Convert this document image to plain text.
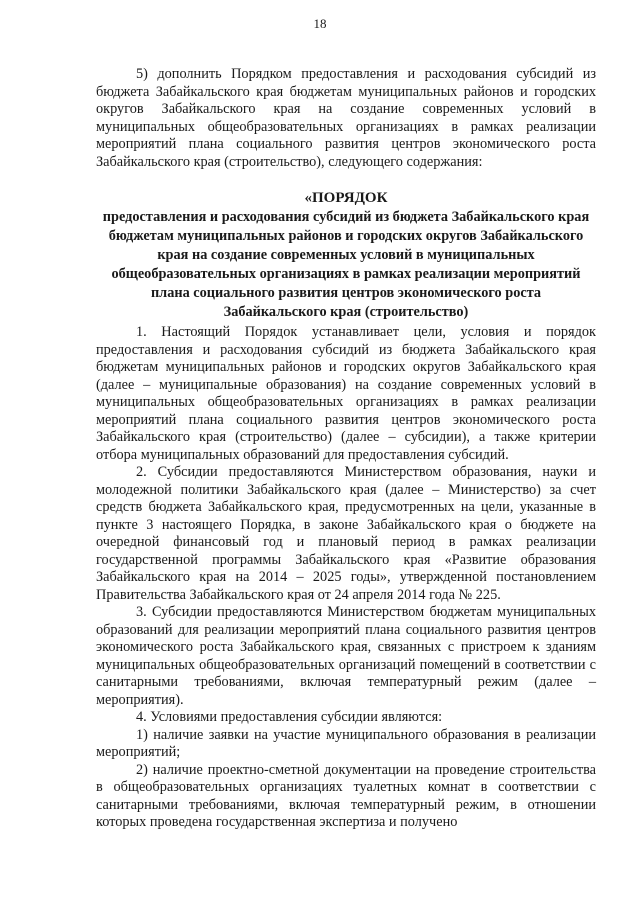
18
5) дополнить Порядком предоставления и расходования субсидий из бюджета Забайкальского края бюджетам муниципальных районов и городских округов Забайкальского края на создание современных условий в муниципальных общеобразовательных организациях в рамках реализации мероприятий плана социального развития центров экономического роста Забайкальского края (строительство), следующего содержания:
«ПОРЯДОК
предоставления и расходования субсидий из бюджета Забайкальского края бюджетам муниципальных районов и городских округов Забайкальского края на создание современных условий в муниципальных общеобразовательных организациях в рамках реализации мероприятий плана социального развития центров экономического роста Забайкальского края (строительство)

1. Настоящий Порядок устанавливает цели, условия и порядок предоставления и расходования субсидий из бюджета Забайкальского края бюджетам муниципальных районов и городских округов Забайкальского края (далее – муниципальные образования) на создание современных условий в муниципальных общеобразовательных организациях в рамках реализации мероприятий плана социального развития центров экономического роста Забайкальского края (строительство) (далее – субсидии), а также критерии отбора муниципальных образований для предоставления субсидий.

2. Субсидии предоставляются Министерством образования, науки и молодежной политики Забайкальского края (далее – Министерство) за счет средств бюджета Забайкальского края, предусмотренных на цели, указанные в пункте 3 настоящего Порядка, в законе Забайкальского края о бюджете на очередной финансовый год и плановый период в рамках реализации государственной программы Забайкальского края «Развитие образования Забайкальского края на 2014 – 2025 годы», утвержденной постановлением Правительства Забайкальского края от 24 апреля 2014 года № 225.

3. Субсидии предоставляются Министерством бюджетам муниципальных образований для реализации мероприятий плана социального развития центров экономического роста Забайкальского края, связанных с пристроем к зданиям муниципальных общеобразовательных организаций помещений в соответствии с санитарными требованиями, включая температурный режим (далее – мероприятия).

4. Условиями предоставления субсидии являются:

1) наличие заявки на участие муниципального образования в реализации мероприятий;

2) наличие проектно-сметной документации на проведение строительства в общеобразовательных организациях туалетных комнат в соответствии с санитарными требованиями, включая температурный режим, в отношении которых проведена государственная экспертиза и получено
